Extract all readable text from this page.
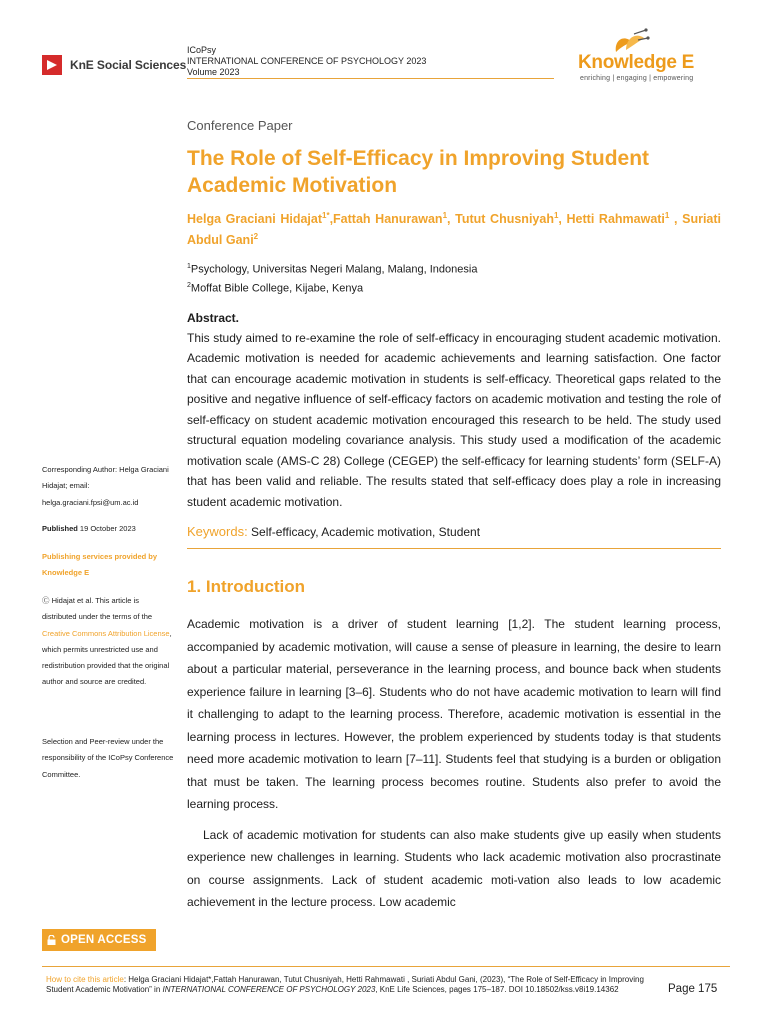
KnE Social Sciences
ICoPsy
INTERNATIONAL CONFERENCE OF PSYCHOLOGY 2023
Volume 2023	Knowledge E
enriching | engaging | empowering
Conference Paper
The Role of Self-Efficacy in Improving Student Academic Motivation
Helga Graciani Hidajat$^{1*}$,Fattah Hanurawan$^1$, Tutut Chusniyah$^1$, Hetti Rahmawati$^1$ , Suriati Abdul Gani$^2$
$^1$Psychology, Universitas Negeri Malang, Malang, Indonesia
$^2$Moffat Bible College, Kijabe, Kenya
Abstract.

This study aimed to re-examine the role of self-efficacy in encouraging student academic motivation. Academic motivation is needed for academic achievements and learning satisfaction. One factor that can encourage academic motivation in students is self-efficacy. Theoretical gaps related to the positive and negative influence of self-efficacy factors on academic motivation and testing the role of self-efficacy on student academic motivation encouraged this research to be held. The study used structural equation modeling covariance analysis. This study used a modification of the academic motivation scale (AMS-C 28) College (CEGEP) the self-efficacy for learning students’ form (SELF-A) that has been valid and reliable. The results stated that self-efficacy does play a role in increasing student academic motivation.

Keywords: Self-efficacy, Academic motivation, Student
1. Introduction

Academic motivation is a driver of student learning [1,2]. The student learning process, accompanied by academic motivation, will cause a sense of pleasure in learning, the desire to learn about a particular material, perseverance in the learning process, and bounce back when students experience failure in learning [3–6]. Students who do not have academic motivation to learn will find it challenging to adapt to the learning process. Therefore, academic motivation is essential in the learning process in lectures. However, the problem experienced by students today is that students need more academic motivation to learn [7–11]. Students feel that studying is a burden or obligation that must be taken. The learning process becomes routine. Students also prefer to avoid the learning process.

Lack of academic motivation for students can also make students give up easily when students experience new challenges in learning. Students who lack academic motivation also procrastinate on course assignments. Lack of student academic moti-vation also leads to low academic achievement in the lecture process. Low academic

Corresponding Author: Helga Graciani Hidajat; email: helga.graciani.fpsi@um.ac.id
Published 19 October 2023
Publishing services provided by Knowledge E
Ⓒ Hidajat et al. This article is distributed under the terms of the Creative Commons Attribution License, which permits unrestricted use and redistribution provided that the original author and source are credited.
Selection and Peer-review under the responsibility of the ICoPsy Conference Committee.
OPEN ACCESS
How to cite this article: Helga Graciani Hidajat*,Fattah Hanurawan, Tutut Chusniyah, Hetti Rahmawati , Suriati Abdul Gani, (2023), “The Role of Self-Efficacy in Improving Student Academic Motivation” in INTERNATIONAL CONFERENCE OF PSYCHOLOGY 2023, KnE Life Sciences, pages 175–187. DOI 10.18502/kss.v8i19.14362	Page 175
